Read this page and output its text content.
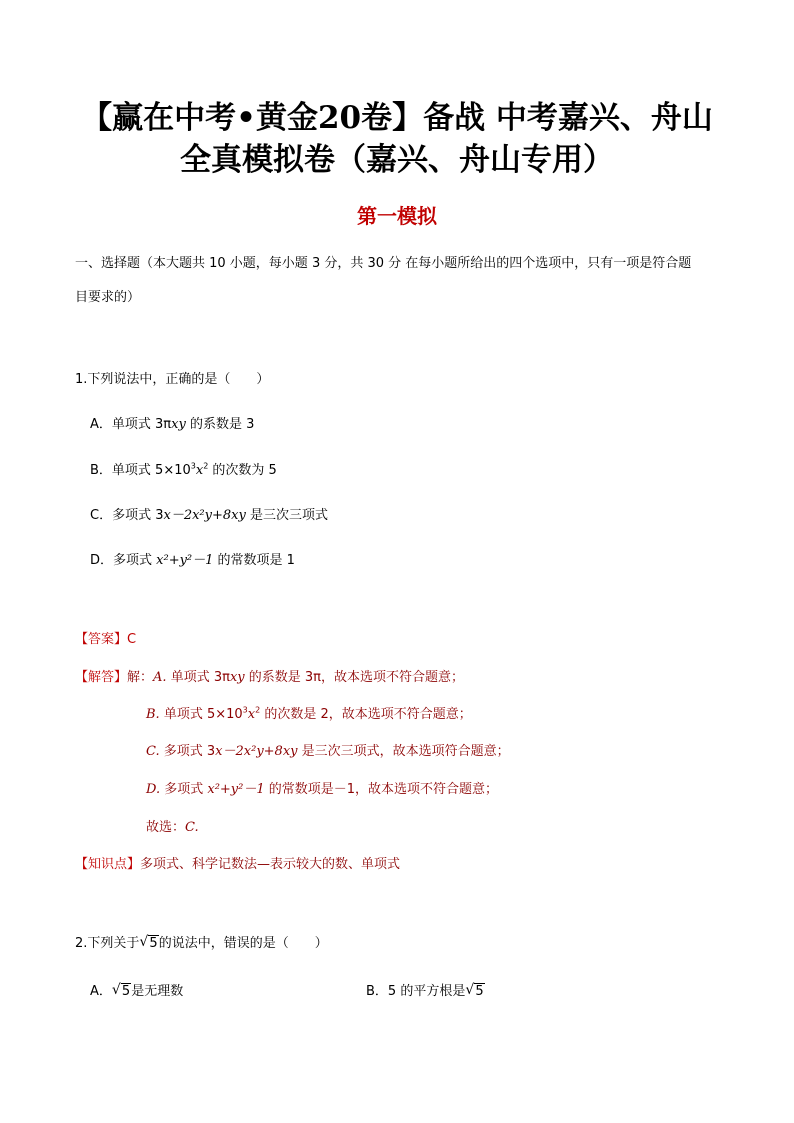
【赢在中考•黄金20卷】备战 中考嘉兴、舟山
全真模拟卷（嘉兴、舟山专用）
第一模拟
一、选择题（本大题共 10 小题，每小题 3 分，共 30 分 在每小题所给出的四个选项中，只有一项是符合题
目要求的）
1.下列说法中，正确的是（　　）
A．单项式 3πxy 的系数是 3
B．单项式 $5\times 10^3x^2$ 的次数为 5
C．多项式 3x－2x²y+8xy 是三次三项式
D．多项式 x²+y²－1 的常数项是 1
【答案】C
【解答】解：A. 单项式 3πxy 的系数是 3π，故本选项不符合题意；
B. 单项式 $5\times 10^3x^2$ 的次数是 2，故本选项不符合题意；
C. 多项式 3x－2x²y+8xy 是三次三项式，故本选项符合题意；
D. 多项式 x²+y²－1 的常数项是－1，故本选项不符合题意；
故选：C.
【知识点】多项式、科学记数法—表示较大的数、单项式
2.下列关于 √ 5的说法中，错误的是（　　）
A． √ 5是无理数	B．5 的平方根是 √ 5
